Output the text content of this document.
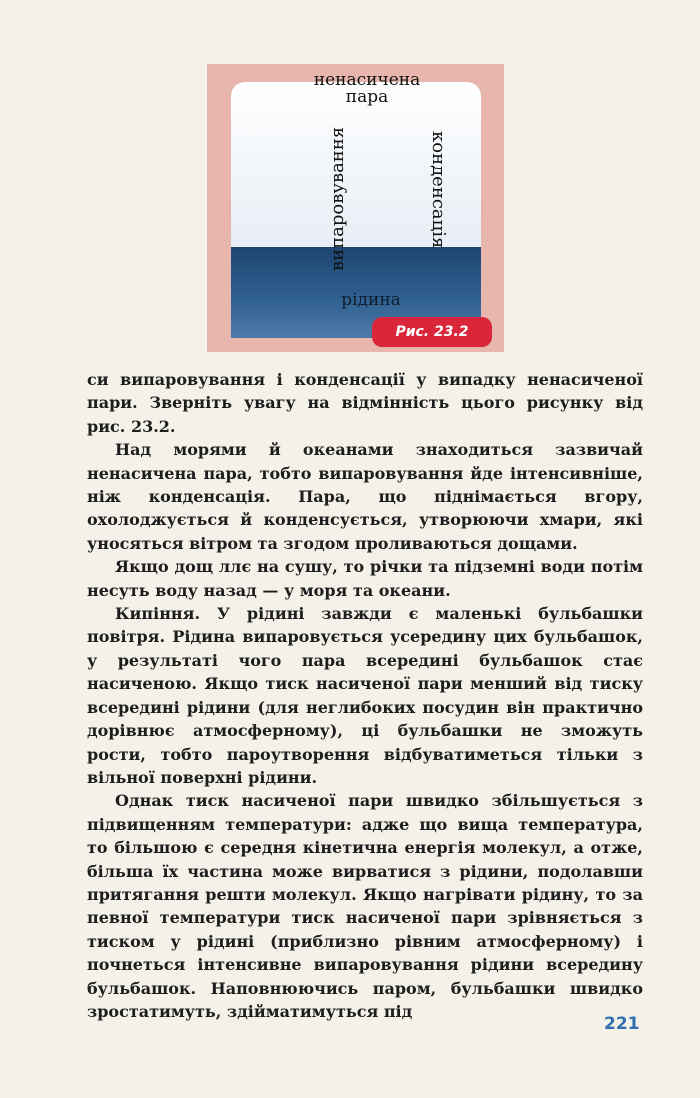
ненасичена
пара
випаровування	конденсація
рідина
Рис. 23.2

си випаровування і конденсації у випадку ненасиченої пари. Зверніть увагу на відмінність цього рисунку від рис. 23.2.

Над морями й океанами знаходиться зазвичай ненасичена пара, тобто випаровування йде інтенсивніше, ніж конденсація. Пара, що піднімається вгору, охолоджується й конденсується, утворюючи хмари, які уносяться вітром та згодом проливаються дощами.

Якщо дощ ллє на сушу, то річки та підземні води потім несуть воду назад — у моря та океани.

Кипіння. У рідині завжди є маленькі бульбашки повітря. Рідина випаровується усередину цих бульбашок, у результаті чого пара всередині бульбашок стає насиченою. Якщо тиск насиченої пари менший від тиску всередині рідини (для неглибоких посудин він практично дорівнює атмосферному), ці бульбашки не зможуть рости, тобто пароутворення відбуватиметься тільки з вільної поверхні рідини.

Однак тиск насиченої пари швидко збільшується з підвищенням температури: адже що вища температура, то більшою є середня кінетична енергія молекул, а отже, більша їх частина може вирватися з рідини, подолавши притягання решти молекул. Якщо нагрівати рідину, то за певної температури тиск насиченої пари зрівняється з тиском у рідині (приблизно рівним атмосферному) і почнеться інтенсивне випаровування рідини всередину бульбашок. Наповнюючись паром, бульбашки швидко зростатимуть, здійматимуться під

221
